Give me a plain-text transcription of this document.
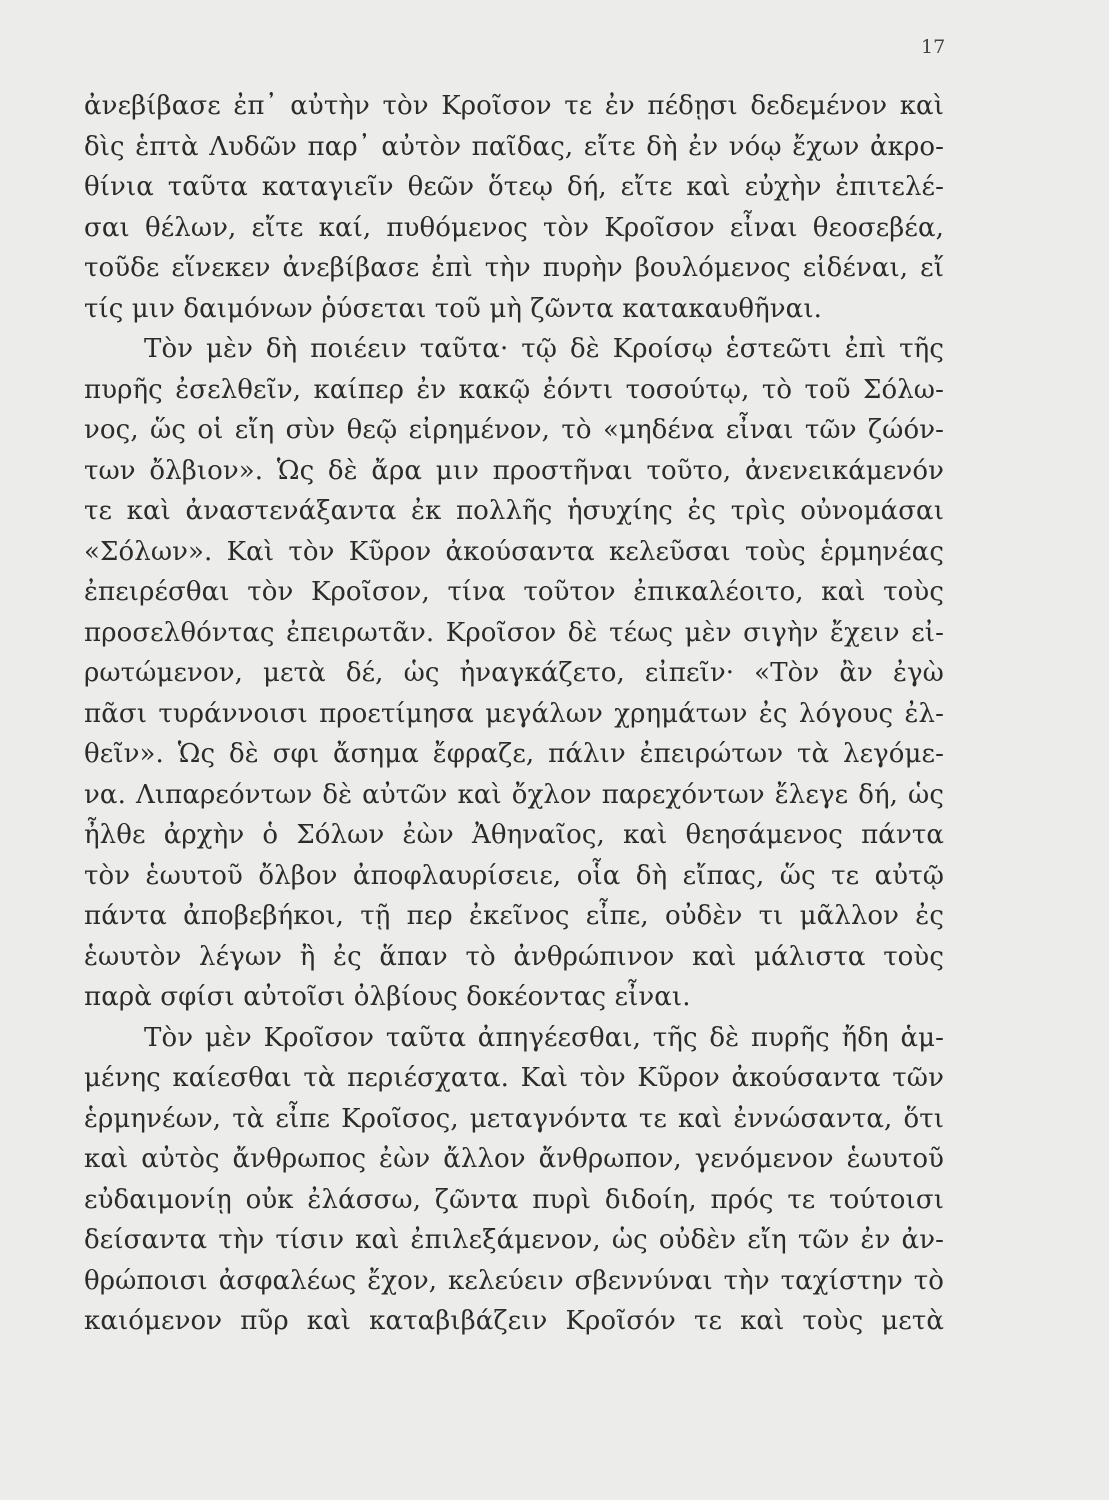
17
ἀνεβίβασε ἐπ᾽ αὐτὴν τὸν Κροῖσον τε ἐν πέδῃσι δεδεμένον καὶ
δὶς ἑπτὰ Λυδῶν παρ᾽ αὐτὸν παῖδας, εἴτε δὴ ἐν νόῳ ἔχων ἀκρο-
θίνια ταῦτα καταγιεῖν θεῶν ὅτεῳ δή, εἴτε καὶ εὐχὴν ἐπιτελέ-
σαι θέλων, εἴτε καί, πυθόμενος τὸν Κροῖσον εἶναι θεοσεβέα,
τοῦδε εἵνεκεν ἀνεβίβασε ἐπὶ τὴν πυρὴν βουλόμενος εἰδέναι, εἴ
τίς μιν δαιμόνων ῥύσεται τοῦ μὴ ζῶντα κατακαυθῆναι.
Τὸν μὲν δὴ ποιέειν ταῦτα· τῷ δὲ Κροίσῳ ἑστεῶτι ἐπὶ τῆς
πυρῆς ἐσελθεῖν, καίπερ ἐν κακῷ ἐόντι τοσούτῳ, τὸ τοῦ Σόλω-
νος, ὥς οἱ εἴη σὺν θεῷ εἰρημένον, τὸ «μηδένα εἶναι τῶν ζώόν-
των ὄλβιον». Ὡς δὲ ἄρα μιν προστῆναι τοῦτο, ἀνενεικάμενόν
τε καὶ ἀναστενάξαντα ἐκ πολλῆς ἡσυχίης ἐς τρὶς οὐνομάσαι
«Σόλων». Καὶ τὸν Κῦρον ἀκούσαντα κελεῦσαι τοὺς ἑρμηνέας
ἐπειρέσθαι τὸν Κροῖσον, τίνα τοῦτον ἐπικαλέοιτο, καὶ τοὺς
προσελθόντας ἐπειρωτᾶν. Κροῖσον δὲ τέως μὲν σιγὴν ἔχειν εἰ-
ρωτώμενον, μετὰ δέ, ὡς ἠναγκάζετο, εἰπεῖν· «Τὸν ἂν ἐγὼ
πᾶσι τυράννοισι προετίμησα μεγάλων χρημάτων ἐς λόγους ἐλ-
θεῖν». Ὡς δὲ σφι ἄσημα ἔφραζε, πάλιν ἐπειρώτων τὰ λεγόμε-
να. Λιπαρεόντων δὲ αὐτῶν καὶ ὄχλον παρεχόντων ἔλεγε δή, ὡς
ἦλθε ἀρχὴν ὁ Σόλων ἐὼν Ἀθηναῖος, καὶ θεησάμενος πάντα
τὸν ἑωυτοῦ ὄλβον ἀποφλαυρίσειε, οἷα δὴ εἴπας, ὥς τε αὐτῷ
πάντα ἀποβεβήκοι, τῇ περ ἐκεῖνος εἶπε, οὐδὲν τι μᾶλλον ἐς
ἑωυτὸν λέγων ἢ ἐς ἅπαν τὸ ἀνθρώπινον καὶ μάλιστα τοὺς
παρὰ σφίσι αὐτοῖσι ὀλβίους δοκέοντας εἶναι.
Τὸν μὲν Κροῖσον ταῦτα ἀπηγέεσθαι, τῆς δὲ πυρῆς ἤδη ἁμ-
μένης καίεσθαι τὰ περιέσχατα. Καὶ τὸν Κῦρον ἀκούσαντα τῶν
ἑρμηνέων, τὰ εἶπε Κροῖσος, μεταγνόντα τε καὶ ἐννώσαντα, ὅτι
καὶ αὐτὸς ἄνθρωπος ἐὼν ἄλλον ἄνθρωπον, γενόμενον ἑωυτοῦ
εὐδαιμονίῃ οὐκ ἐλάσσω, ζῶντα πυρὶ διδοίη, πρός τε τούτοισι
δείσαντα τὴν τίσιν καὶ ἐπιλεξάμενον, ὡς οὐδὲν εἴη τῶν ἐν ἀν-
θρώποισι ἀσφαλέως ἔχον, κελεύειν σβεννύναι τὴν ταχίστην τὸ
καιόμενον πῦρ καὶ καταβιβάζειν Κροῖσόν τε καὶ τοὺς μετὰ
